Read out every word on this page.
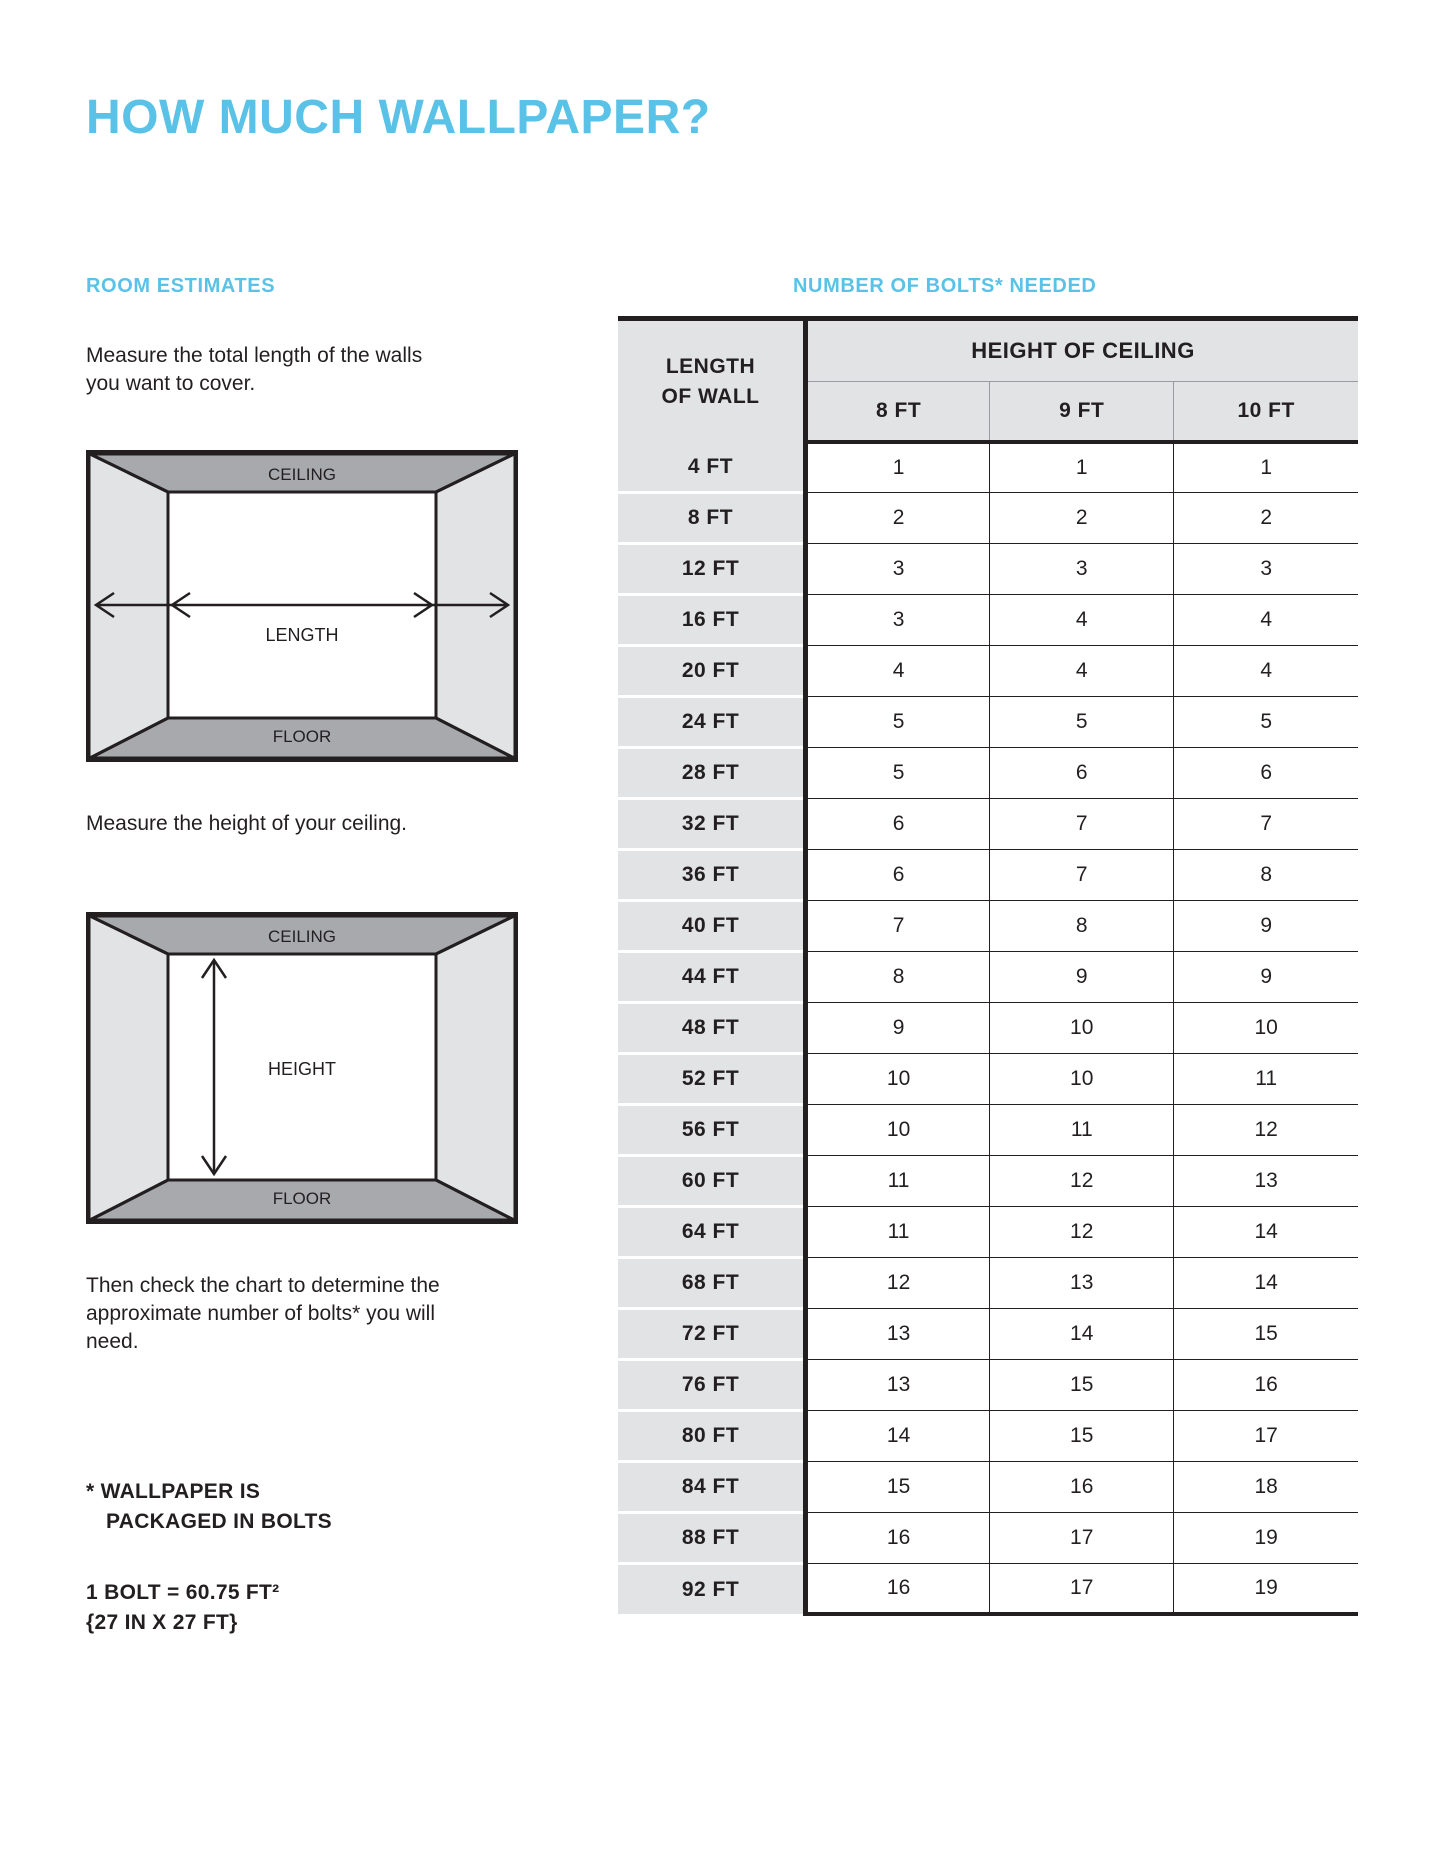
HOW MUCH WALLPAPER?
ROOM ESTIMATES	NUMBER OF BOLTS* NEEDED
Measure the total length of the walls you want to cover.
Measure the height of your ceiling.
Then check the chart to determine the approximate number of bolts* you will need.
* WALLPAPER IS
PACKAGED IN BOLTS
1 BOLT = 60.75 FT²
{27 IN X 27 FT}
CEILING
FLOOR
LENGTH
CEILING
FLOOR
HEIGHT
LENGTH
OF WALL	HEIGHT OF CEILING		
	8 FT	9 FT	10 FT
4 FT	1	1	1
8 FT	2	2	2
12 FT	3	3	3
16 FT	3	4	4
20 FT	4	4	4
24 FT	5	5	5
28 FT	5	6	6
32 FT	6	7	7
36 FT	6	7	8
40 FT	7	8	9
44 FT	8	9	9
48 FT	9	10	10
52 FT	10	10	11
56 FT	10	11	12
60 FT	11	12	13
64 FT	11	12	14
68 FT	12	13	14
72 FT	13	14	15
76 FT	13	15	16
80 FT	14	15	17
84 FT	15	16	18
88 FT	16	17	19
92 FT	16	17	19
